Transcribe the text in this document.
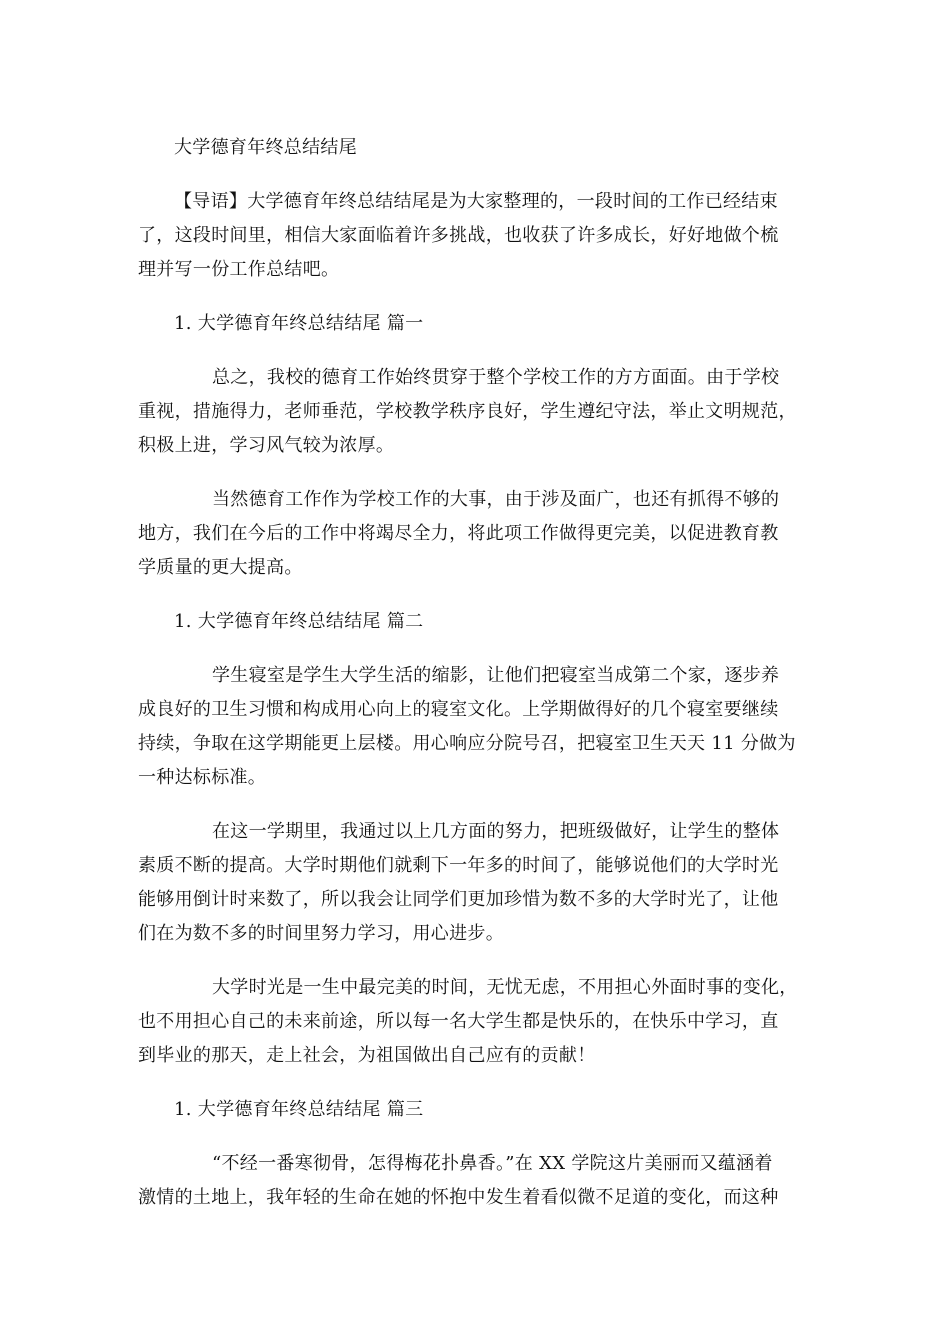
大学德育年终总结结尾
【导语】大学德育年终总结结尾是为大家整理的，一段时间的工作已经结束
了，这段时间里，相信大家面临着许多挑战，也收获了许多成长，好好地做个梳
理并写一份工作总结吧。
1. 大学德育年终总结结尾 篇一
总之，我校的德育工作始终贯穿于整个学校工作的方方面面。由于学校
重视，措施得力，老师垂范，学校教学秩序良好，学生遵纪守法，举止文明规范，
积极上进，学习风气较为浓厚。
当然德育工作作为学校工作的大事，由于涉及面广，也还有抓得不够的
地方，我们在今后的工作中将竭尽全力，将此项工作做得更完美，以促进教育教
学质量的更大提高。
1. 大学德育年终总结结尾 篇二
学生寝室是学生大学生活的缩影，让他们把寝室当成第二个家，逐步养
成良好的卫生习惯和构成用心向上的寝室文化。上学期做得好的几个寝室要继续
持续，争取在这学期能更上层楼。用心响应分院号召，把寝室卫生天天 11 分做为
一种达标标准。
在这一学期里，我通过以上几方面的努力，把班级做好，让学生的整体
素质不断的提高。大学时期他们就剩下一年多的时间了，能够说他们的大学时光
能够用倒计时来数了，所以我会让同学们更加珍惜为数不多的大学时光了，让他
们在为数不多的时间里努力学习，用心进步。
大学时光是一生中最完美的时间，无忧无虑，不用担心外面时事的变化，
也不用担心自己的未来前途，所以每一名大学生都是快乐的，在快乐中学习，直
到毕业的那天，走上社会，为祖国做出自己应有的贡献！
1. 大学德育年终总结结尾 篇三
“不经一番寒彻骨，怎得梅花扑鼻香。”在 XX 学院这片美丽而又蕴涵着
激情的土地上，我年轻的生命在她的怀抱中发生着看似微不足道的变化，而这种
